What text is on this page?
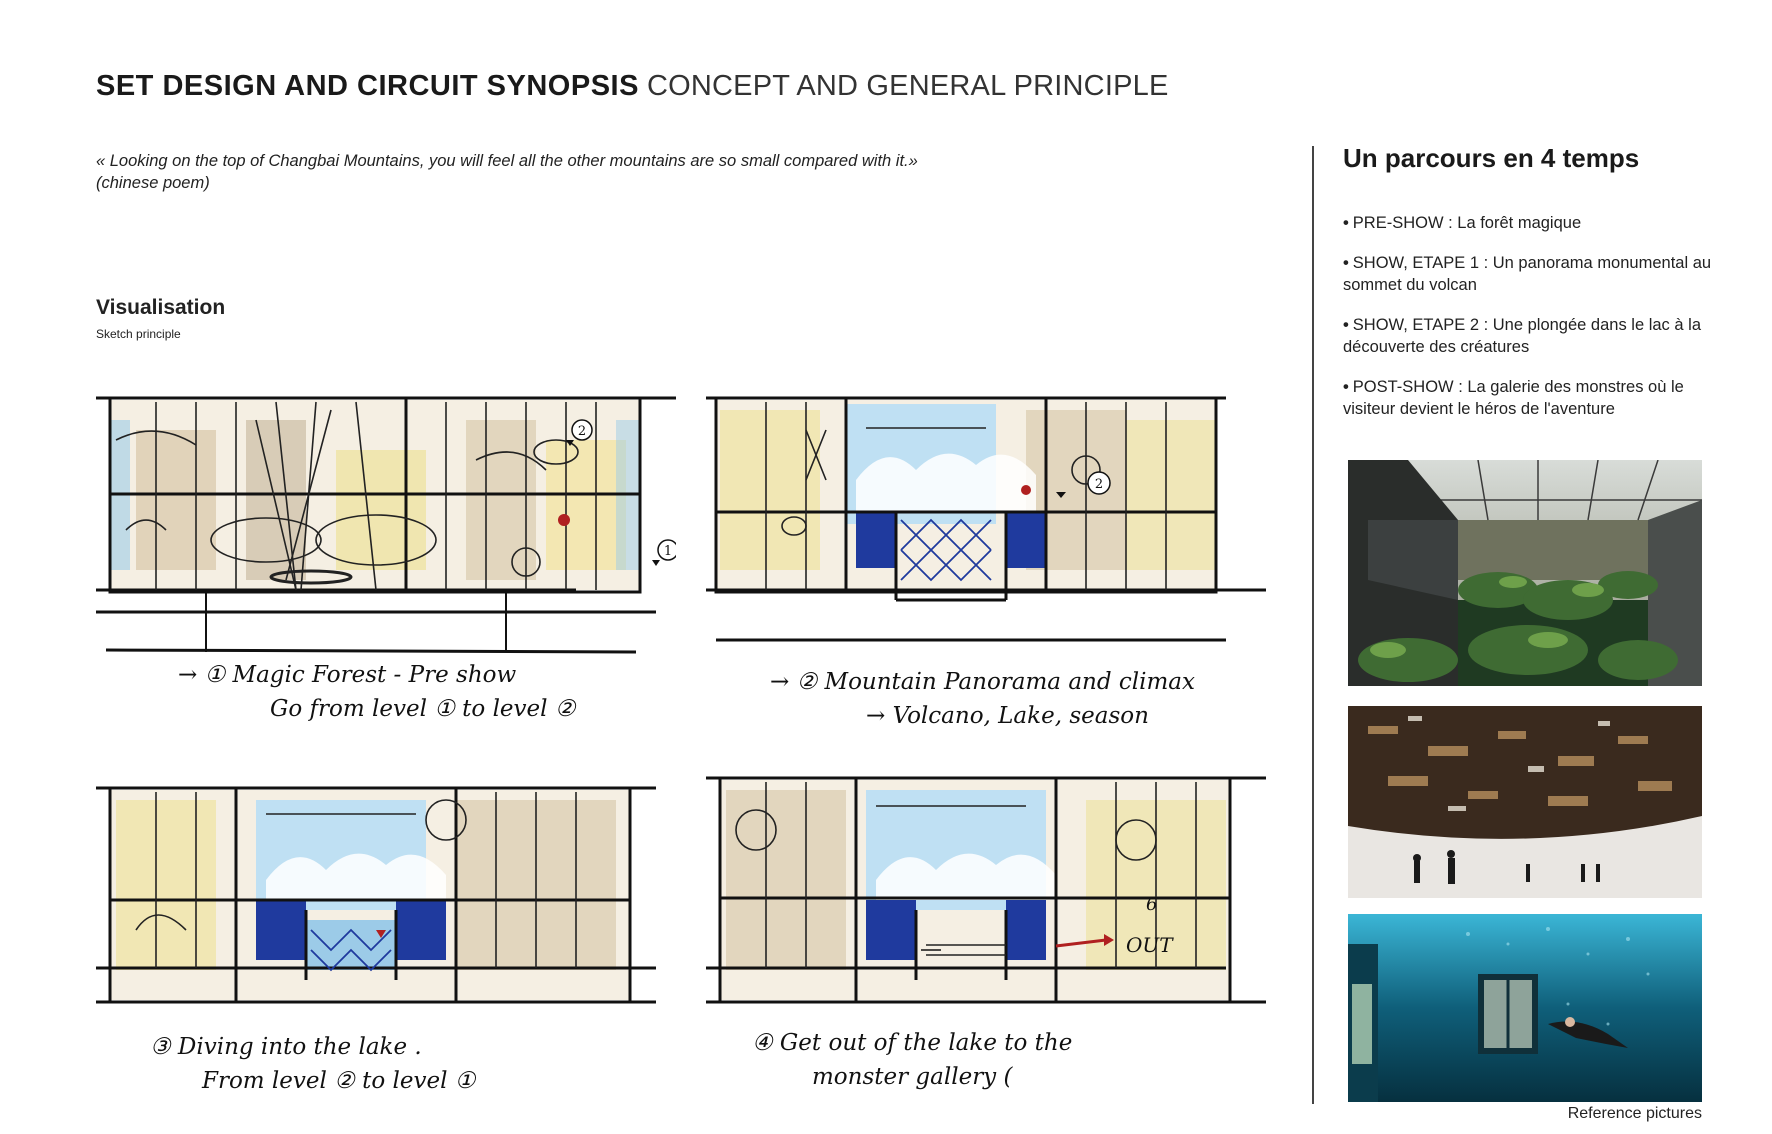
SET DESIGN AND CIRCUIT SYNOPSIS CONCEPT AND GENERAL PRINCIPLE
« Looking on the top of Changbai Mountains, you will feel all the other mountains are so small compared with it.»
(chinese poem)
Visualisation
Sketch principle
2
1
→ ① Magic Forest - Pre show
Go from level ① to level ②
2
→ ② Mountain Panorama and climax
→ Volcano, Lake, season
③ Diving into the lake .
From level ② to level ①
OUT
6
④ Get out of the lake to the
monster gallery (
Un parcours en 4 temps
• PRE-SHOW : La forêt magique
• SHOW, ETAPE 1 : Un panorama monumental au sommet du volcan
• SHOW, ETAPE 2 : Une plongée dans le lac à la découverte des créatures
• POST-SHOW : La galerie des monstres où le visiteur devient le héros de l'aventure
Reference pictures
